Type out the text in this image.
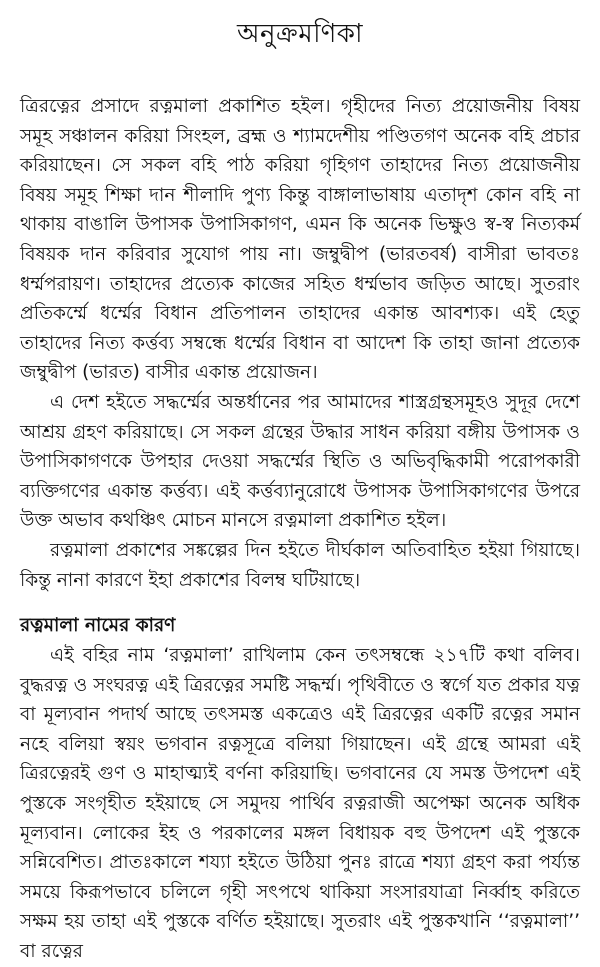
অনুক্রমণিকা

ত্রিরত্নের প্রসাদে রত্নমালা প্রকাশিত হইল। গৃহীদের নিত্য প্রয়োজনীয় বিষয় সমূহ সঞ্চালন করিয়া সিংহল, ব্রহ্ম ও শ্যামদেশীয় পণ্ডিতগণ অনেক বহি প্রচার করিয়াছেন। সে সকল বহি পাঠ করিয়া গৃহিগণ তাহাদের নিত্য প্রয়োজনীয় বিষয় সমূহ শিক্ষা দান শীলাদি পুণ্য কিন্তু বাঙ্গালাভাষায় এতাদৃশ কোন বহি না থাকায় বাঙালি উপাসক উপাসিকাগণ, এমন কি অনেক ভিক্ষুও স্ব-স্ব নিত্যকর্ম বিষয়ক দান করিবার সুযোগ পায় না। জম্বুদ্বীপ (ভারতবর্ষ) বাসীরা ভাবতঃ ধর্ম্মপরায়ণ। তাহাদের প্রত্যেক কাজের সহিত ধর্ম্মভাব জড়িত আছে। সুতরাং প্রতিকর্ম্মে ধর্ম্মের বিধান প্রতিপালন তাহাদের একান্ত আবশ্যক। এই হেতু তাহাদের নিত্য কর্ত্তব্য সম্বন্ধে ধর্ম্মের বিধান বা আদেশ কি তাহা জানা প্রত্যেক জম্বুদ্বীপ (ভারত) বাসীর একান্ত প্রয়োজন।

এ দেশ হইতে সদ্ধর্ম্মের অন্তর্ধানের পর আমাদের শাস্ত্রগ্রন্থসমূহও সুদূর দেশে আশ্রয় গ্রহণ করিয়াছে। সে সকল গ্রন্থের উদ্ধার সাধন করিয়া বঙ্গীয় উপাসক ও উপাসিকাগণকে উপহার দেওয়া সদ্ধর্ম্মের স্থিতি ও অভিবৃদ্ধিকামী পরোপকারী ব্যক্তিগণের একান্ত কর্ত্তব্য। এই কর্ত্তব্যানুরোধে উপাসক উপাসিকাগণের উপরে উক্ত অভাব কথঞ্চিৎ মোচন মানসে রত্নমালা প্রকাশিত হইল।

রত্নমালা প্রকাশের সঙ্কল্পের দিন হইতে দীর্ঘকাল অতিবাহিত হইয়া গিয়াছে। কিন্তু নানা কারণে ইহা প্রকাশের বিলম্ব ঘটিয়াছে।

রত্নমালা নামের কারণ

এই বহির নাম ‘রত্নমালা’ রাখিলাম কেন তৎসম্বন্ধে ২১৭টি কথা বলিব। বুদ্ধরত্ন ও সংঘরত্ন এই ত্রিরত্নের সমষ্টি সদ্ধর্ম্ম। পৃথিবীতে ও স্বর্গে যত প্রকার যত্ন বা মূল্যবান পদার্থ আছে তৎসমস্ত একত্রেও এই ত্রিরত্নের একটি রত্নের সমান নহে বলিয়া স্বয়ং ভগবান রত্নসূত্রে বলিয়া গিয়াছেন। এই গ্রন্থে আমরা এই ত্রিরত্নেরই গুণ ও মাহাত্ম্যই বর্ণনা করিয়াছি। ভগবানের যে সমস্ত উপদেশ এই পুস্তকে সংগৃহীত হইয়াছে সে সমুদয় পার্থিব রত্নরাজী অপেক্ষা অনেক অধিক মূল্যবান। লোকের ইহ ও পরকালের মঙ্গল বিধায়ক বহু উপদেশ এই পুস্তকে সন্নিবেশিত। প্রাতঃকালে শয্যা হইতে উঠিয়া পুনঃ রাত্রে শয্যা গ্রহণ করা পর্য্যন্ত সময়ে কিরূপভাবে চলিলে গৃহী সৎপথে থাকিয়া সংসারযাত্রা নির্ব্বাহ করিতে সক্ষম হয় তাহা এই পুস্তকে বর্ণিত হইয়াছে। সুতরাং এই পুস্তকখানি ‘‘রত্নমালা’’ বা রত্নের
